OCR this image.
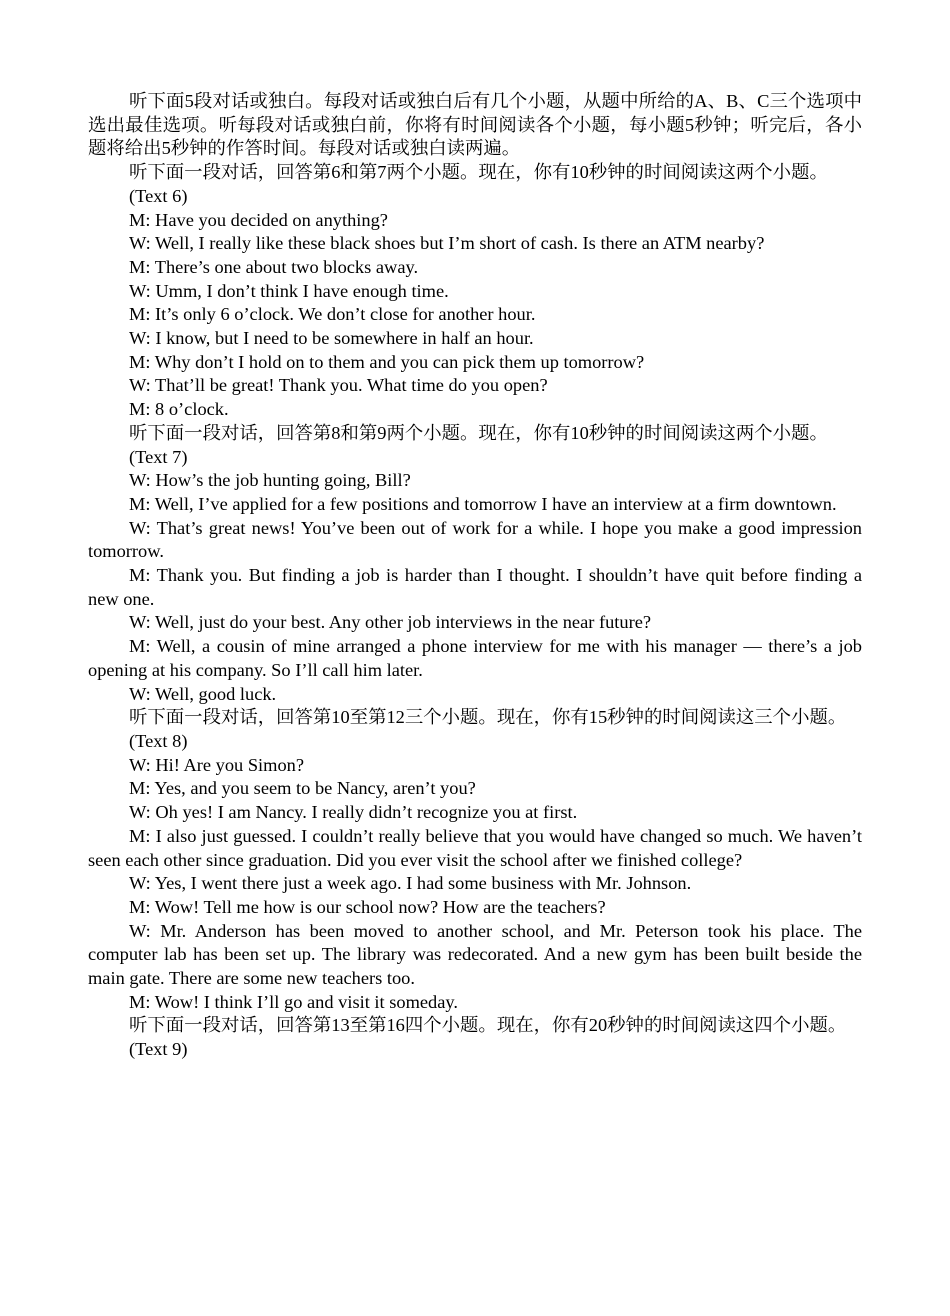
听下面5段对话或独白。每段对话或独白后有几个小题，从题中所给的A、B、C三个选项中选出最佳选项。听每段对话或独白前，你将有时间阅读各个小题，每小题5秒钟；听完后，各小题将给出5秒钟的作答时间。每段对话或独白读两遍。

听下面一段对话，回答第6和第7两个小题。现在，你有10秒钟的时间阅读这两个小题。

(Text 6)

M: Have you decided on anything?

W: Well, I really like these black shoes but I’m short of cash. Is there an ATM nearby?

M: There’s one about two blocks away.

W: Umm, I don’t think I have enough time.

M: It’s only 6 o’clock. We don’t close for another hour.

W: I know, but I need to be somewhere in half an hour.

M: Why don’t I hold on to them and you can pick them up tomorrow?

W: That’ll be great! Thank you. What time do you open?

M: 8 o’clock.

听下面一段对话，回答第8和第9两个小题。现在，你有10秒钟的时间阅读这两个小题。

(Text 7)

W: How’s the job hunting going, Bill?

M: Well, I’ve applied for a few positions and tomorrow I have an interview at a firm downtown.

W: That’s great news! You’ve been out of work for a while. I hope you make a good impression tomorrow.

M: Thank you. But finding a job is harder than I thought. I shouldn’t have quit before finding a new one.

W: Well, just do your best. Any other job interviews in the near future?

M: Well, a cousin of mine arranged a phone interview for me with his manager — there’s a job opening at his company. So I’ll call him later.

W: Well, good luck.

听下面一段对话，回答第10至第12三个小题。现在，你有15秒钟的时间阅读这三个小题。

(Text 8)

W: Hi! Are you Simon?

M: Yes, and you seem to be Nancy, aren’t you?

W: Oh yes! I am Nancy. I really didn’t recognize you at first.

M: I also just guessed. I couldn’t really believe that you would have changed so much. We haven’t seen each other since graduation. Did you ever visit the school after we finished college?

W: Yes, I went there just a week ago. I had some business with Mr. Johnson.

M: Wow! Tell me how is our school now? How are the teachers?

W: Mr. Anderson has been moved to another school, and Mr. Peterson took his place. The computer lab has been set up. The library was redecorated. And a new gym has been built beside the main gate. There are some new teachers too.

M: Wow! I think I’ll go and visit it someday.

听下面一段对话，回答第13至第16四个小题。现在，你有20秒钟的时间阅读这四个小题。

(Text 9)
